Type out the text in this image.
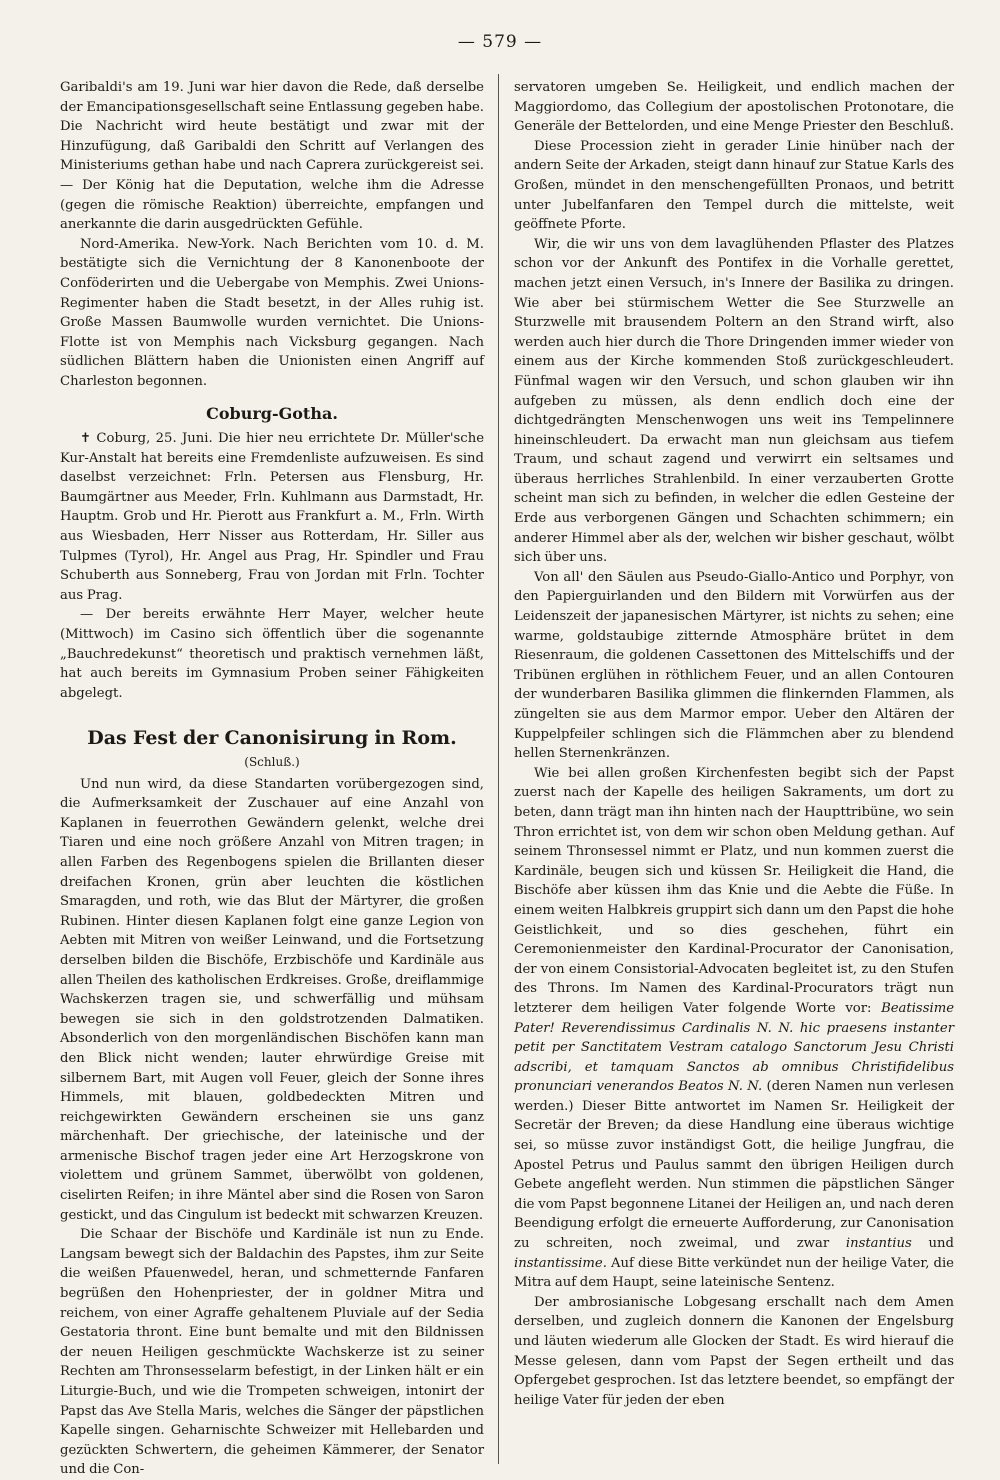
— 579 —

Garibaldi's am 19. Juni war hier davon die Rede, daß derselbe der Emancipationsgesellschaft seine Entlassung gegeben habe. Die Nachricht wird heute bestätigt und zwar mit der Hinzufügung, daß Garibaldi den Schritt auf Verlangen des Ministeriums gethan habe und nach Caprera zurückgereist sei. — Der König hat die Deputation, welche ihm die Adresse (gegen die römische Reaktion) überreichte, empfangen und anerkannte die darin ausgedrückten Gefühle.

Nord-Amerika. New-York. Nach Berichten vom 10. d. M. bestätigte sich die Vernichtung der 8 Kanonenboote der Conföderirten und die Uebergabe von Memphis. Zwei Unions-Regimenter haben die Stadt besetzt, in der Alles ruhig ist. Große Massen Baumwolle wurden vernichtet. Die Unions-Flotte ist von Memphis nach Vicksburg gegangen. Nach südlichen Blättern haben die Unionisten einen Angriff auf Charleston begonnen.

Coburg-Gotha.

✝ Coburg, 25. Juni. Die hier neu errichtete Dr. Müller'sche Kur-Anstalt hat bereits eine Fremdenliste aufzuweisen. Es sind daselbst verzeichnet: Frln. Petersen aus Flensburg, Hr. Baumgärtner aus Meeder, Frln. Kuhlmann aus Darmstadt, Hr. Hauptm. Grob und Hr. Pierott aus Frankfurt a. M., Frln. Wirth aus Wiesbaden, Herr Nisser aus Rotterdam, Hr. Siller aus Tulpmes (Tyrol), Hr. Angel aus Prag, Hr. Spindler und Frau Schuberth aus Sonneberg, Frau von Jordan mit Frln. Tochter aus Prag.

— Der bereits erwähnte Herr Mayer, welcher heute (Mittwoch) im Casino sich öffentlich über die sogenannte „Bauchredekunst“ theoretisch und praktisch vernehmen läßt, hat auch bereits im Gymnasium Proben seiner Fähigkeiten abgelegt.

Das Fest der Canonisirung in Rom.
(Schluß.)

Und nun wird, da diese Standarten vorübergezogen sind, die Aufmerksamkeit der Zuschauer auf eine Anzahl von Kaplanen in feuerrothen Gewändern gelenkt, welche drei Tiaren und eine noch größere Anzahl von Mitren tragen; in allen Farben des Regenbogens spielen die Brillanten dieser dreifachen Kronen, grün aber leuchten die köstlichen Smaragden, und roth, wie das Blut der Märtyrer, die großen Rubinen. Hinter diesen Kaplanen folgt eine ganze Legion von Aebten mit Mitren von weißer Leinwand, und die Fortsetzung derselben bilden die Bischöfe, Erzbischöfe und Kardinäle aus allen Theilen des katholischen Erdkreises. Große, dreiflammige Wachskerzen tragen sie, und schwerfällig und mühsam bewegen sie sich in den goldstrotzenden Dalmatiken. Absonderlich von den morgenländischen Bischöfen kann man den Blick nicht wenden; lauter ehrwürdige Greise mit silbernem Bart, mit Augen voll Feuer, gleich der Sonne ihres Himmels, mit blauen, goldbedeckten Mitren und reichgewirkten Gewändern erscheinen sie uns ganz märchenhaft. Der griechische, der lateinische und der armenische Bischof tragen jeder eine Art Herzogskrone von violettem und grünem Sammet, überwölbt von goldenen, ciselirten Reifen; in ihre Mäntel aber sind die Rosen von Saron gestickt, und das Cingulum ist bedeckt mit schwarzen Kreuzen.

Die Schaar der Bischöfe und Kardinäle ist nun zu Ende. Langsam bewegt sich der Baldachin des Papstes, ihm zur Seite die weißen Pfauenwedel, heran, und schmetternde Fanfaren begrüßen den Hohenpriester, der in goldner Mitra und reichem, von einer Agraffe gehaltenem Pluviale auf der Sedia Gestatoria thront. Eine bunt bemalte und mit den Bildnissen der neuen Heiligen geschmückte Wachskerze ist zu seiner Rechten am Thronsesselarm befestigt, in der Linken hält er ein Liturgie-Buch, und wie die Trompeten schweigen, intonirt der Papst das Ave Stella Maris, welches die Sänger der päpstlichen Kapelle singen. Geharnischte Schweizer mit Hellebarden und gezückten Schwertern, die geheimen Kämmerer, der Senator und die Con-

servatoren umgeben Se. Heiligkeit, und endlich machen der Maggiordomo, das Collegium der apostolischen Protonotare, die Generäle der Bettelorden, und eine Menge Priester den Beschluß.

Diese Procession zieht in gerader Linie hinüber nach der andern Seite der Arkaden, steigt dann hinauf zur Statue Karls des Großen, mündet in den menschengefüllten Pronaos, und betritt unter Jubelfanfaren den Tempel durch die mittelste, weit geöffnete Pforte.

Wir, die wir uns von dem lavaglühenden Pflaster des Platzes schon vor der Ankunft des Pontifex in die Vorhalle gerettet, machen jetzt einen Versuch, in's Innere der Basilika zu dringen. Wie aber bei stürmischem Wetter die See Sturzwelle an Sturzwelle mit brausendem Poltern an den Strand wirft, also werden auch hier durch die Thore Dringenden immer wieder von einem aus der Kirche kommenden Stoß zurückgeschleudert. Fünfmal wagen wir den Versuch, und schon glauben wir ihn aufgeben zu müssen, als denn endlich doch eine der dichtgedrängten Menschenwogen uns weit ins Tempelinnere hineinschleudert. Da erwacht man nun gleichsam aus tiefem Traum, und schaut zagend und verwirrt ein seltsames und überaus herrliches Strahlenbild. In einer verzauberten Grotte scheint man sich zu befinden, in welcher die edlen Gesteine der Erde aus verborgenen Gängen und Schachten schimmern; ein anderer Himmel aber als der, welchen wir bisher geschaut, wölbt sich über uns.

Von all' den Säulen aus Pseudo-Giallo-Antico und Porphyr, von den Papierguirlanden und den Bildern mit Vorwürfen aus der Leidenszeit der japanesischen Märtyrer, ist nichts zu sehen; eine warme, goldstaubige zitternde Atmosphäre brütet in dem Riesenraum, die goldenen Cassettonen des Mittelschiffs und der Tribünen erglühen in röthlichem Feuer, und an allen Contouren der wunderbaren Basilika glimmen die flinkernden Flammen, als züngelten sie aus dem Marmor empor. Ueber den Altären der Kuppelpfeiler schlingen sich die Flämmchen aber zu blendend hellen Sternenkränzen.

Wie bei allen großen Kirchenfesten begibt sich der Papst zuerst nach der Kapelle des heiligen Sakraments, um dort zu beten, dann trägt man ihn hinten nach der Haupttribüne, wo sein Thron errichtet ist, von dem wir schon oben Meldung gethan. Auf seinem Thronsessel nimmt er Platz, und nun kommen zuerst die Kardinäle, beugen sich und küssen Sr. Heiligkeit die Hand, die Bischöfe aber küssen ihm das Knie und die Aebte die Füße. In einem weiten Halbkreis gruppirt sich dann um den Papst die hohe Geistlichkeit, und so dies geschehen, führt ein Ceremonienmeister den Kardinal-Procurator der Canonisation, der von einem Consistorial-Advocaten begleitet ist, zu den Stufen des Throns. Im Namen des Kardinal-Procurators trägt nun letzterer dem heiligen Vater folgende Worte vor: Beatissime Pater! Reverendissimus Cardinalis N. N. hic praesens instanter petit per Sanctitatem Vestram catalogo Sanctorum Jesu Christi adscribi, et tamquam Sanctos ab omnibus Christifidelibus pronunciari venerandos Beatos N. N. (deren Namen nun verlesen werden.) Dieser Bitte antwortet im Namen Sr. Heiligkeit der Secretär der Breven; da diese Handlung eine überaus wichtige sei, so müsse zuvor inständigst Gott, die heilige Jungfrau, die Apostel Petrus und Paulus sammt den übrigen Heiligen durch Gebete angefleht werden. Nun stimmen die päpstlichen Sänger die vom Papst begonnene Litanei der Heiligen an, und nach deren Beendigung erfolgt die erneuerte Aufforderung, zur Canonisation zu schreiten, noch zweimal, und zwar instantius und instantissime. Auf diese Bitte verkündet nun der heilige Vater, die Mitra auf dem Haupt, seine lateinische Sentenz.

Der ambrosianische Lobgesang erschallt nach dem Amen derselben, und zugleich donnern die Kanonen der Engelsburg und läuten wiederum alle Glocken der Stadt. Es wird hierauf die Messe gelesen, dann vom Papst der Segen ertheilt und das Opfergebet gesprochen. Ist das letztere beendet, so empfängt der heilige Vater für jeden der eben
